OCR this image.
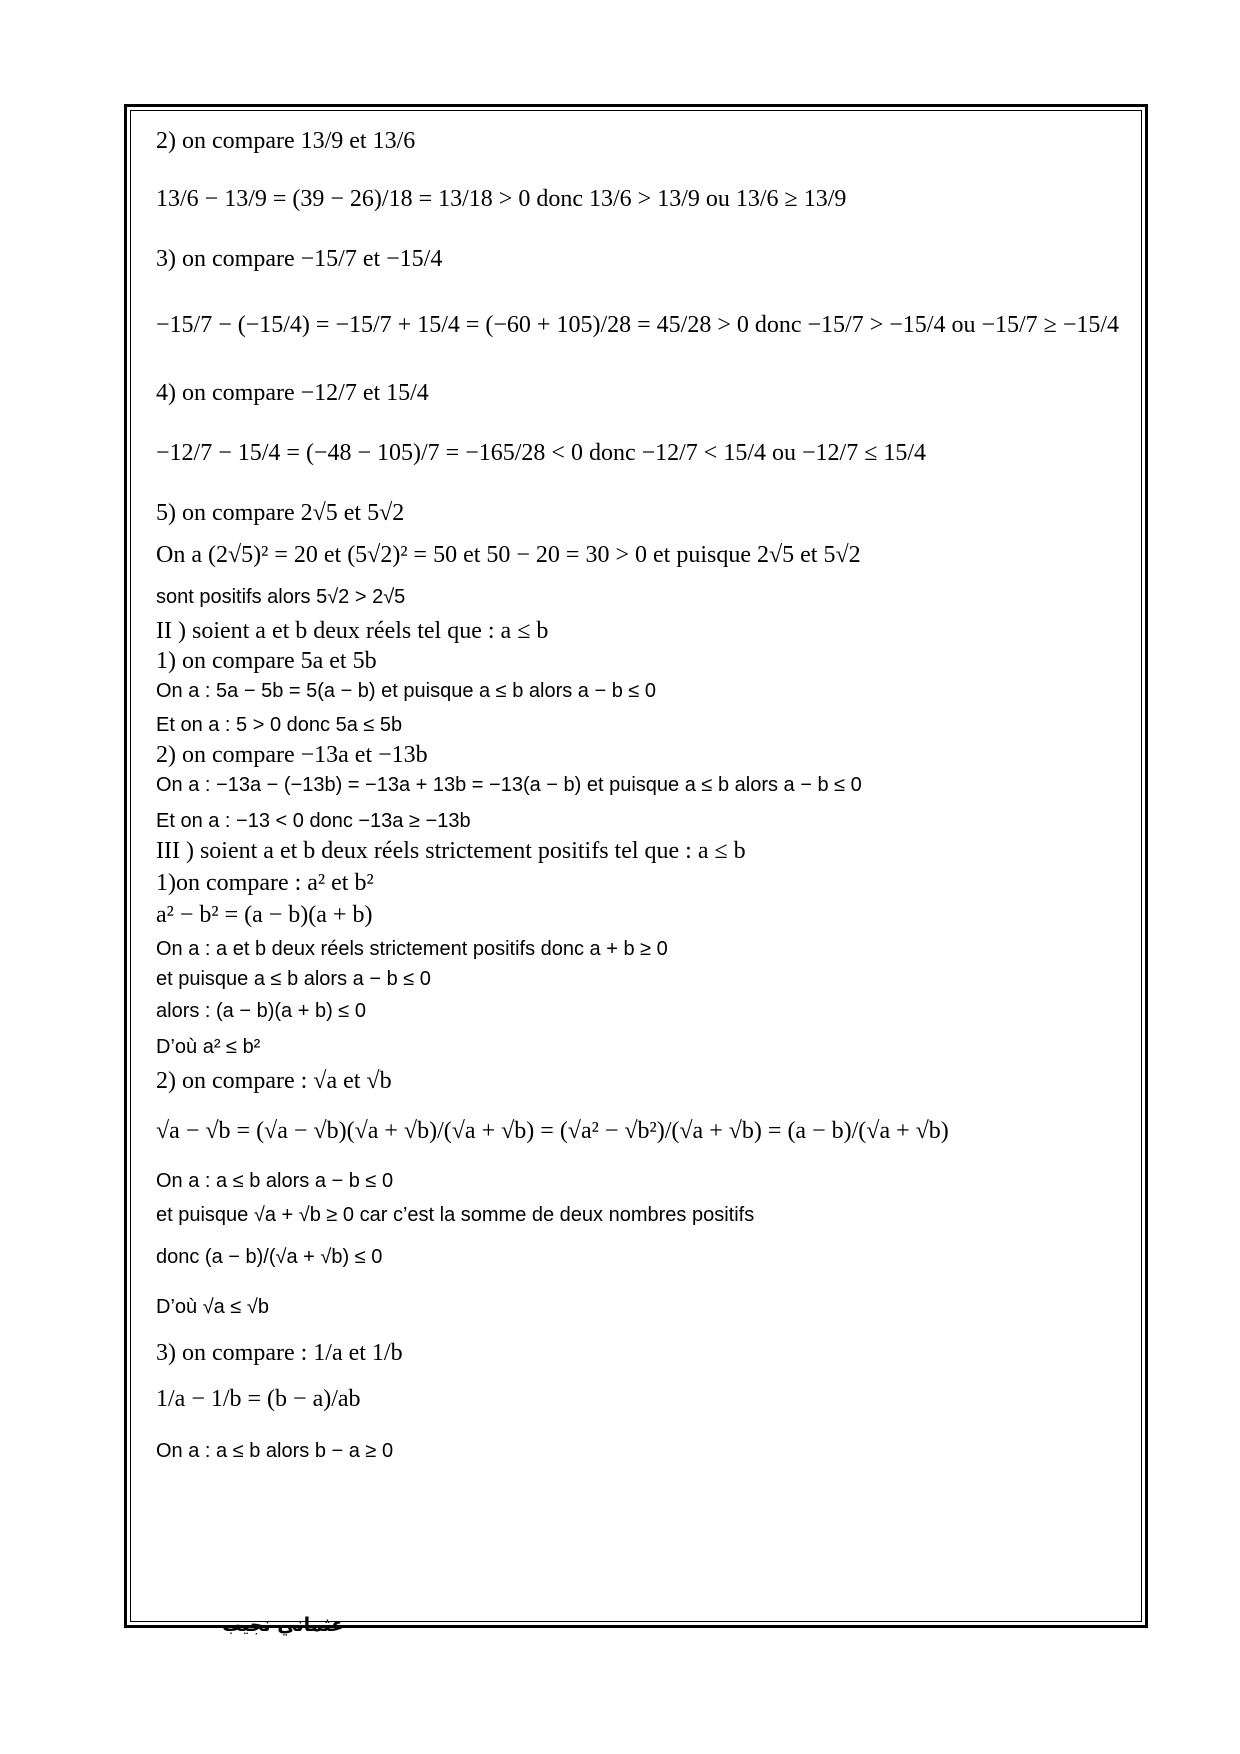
2) on compare 13/9 et 13/6
13/6 − 13/9 = (39 − 26)/18 = 13/18 > 0 donc 13/6 > 13/9 ou 13/6 ≥ 13/9
3) on compare −15/7 et −15/4
−15/7 − (−15/4) = −15/7 + 15/4 = (−60 + 105)/28 = 45/28 > 0 donc −15/7 > −15/4 ou −15/7 ≥ −15/4
4) on compare −12/7 et 15/4
−12/7 − 15/4 = (−48 − 105)/7 = −165/28 < 0 donc −12/7 < 15/4 ou −12/7 ≤ 15/4
5) on compare 2√5 et 5√2
On a (2√5)² = 20 et (5√2)² = 50 et 50 − 20 = 30 > 0 et puisque 2√5 et 5√2
sont positifs alors 5√2 > 2√5
II ) soient a et b deux réels tel que : a ≤ b
1) on compare 5a et 5b
On a : 5a − 5b = 5(a − b) et puisque a ≤ b alors a − b ≤ 0
Et on a : 5 > 0 donc 5a ≤ 5b
2) on compare −13a et −13b
On a : −13a − (−13b) = −13a + 13b = −13(a − b) et puisque a ≤ b alors a − b ≤ 0
Et on a : −13 < 0 donc −13a ≥ −13b
III ) soient a et b deux réels strictement positifs tel que : a ≤ b
1)on compare : a² et b²
a² − b² = (a − b)(a + b)
On a : a et b deux réels strictement positifs donc a + b ≥ 0
et puisque a ≤ b alors a − b ≤ 0
alors : (a − b)(a + b) ≤ 0
D’où a² ≤ b²
2) on compare : √a et √b
√a − √b = (√a − √b)(√a + √b)/(√a + √b) = (√a² − √b²)/(√a + √b) = (a − b)/(√a + √b)
On a : a ≤ b alors a − b ≤ 0
et puisque √a + √b ≥ 0 car c’est la somme de deux nombres positifs
donc (a − b)/(√a + √b) ≤ 0
D’où √a ≤ √b
3) on compare : 1/a et 1/b
1/a − 1/b = (b − a)/ab
On a : a ≤ b alors b − a ≥ 0
عثماني نجيب
